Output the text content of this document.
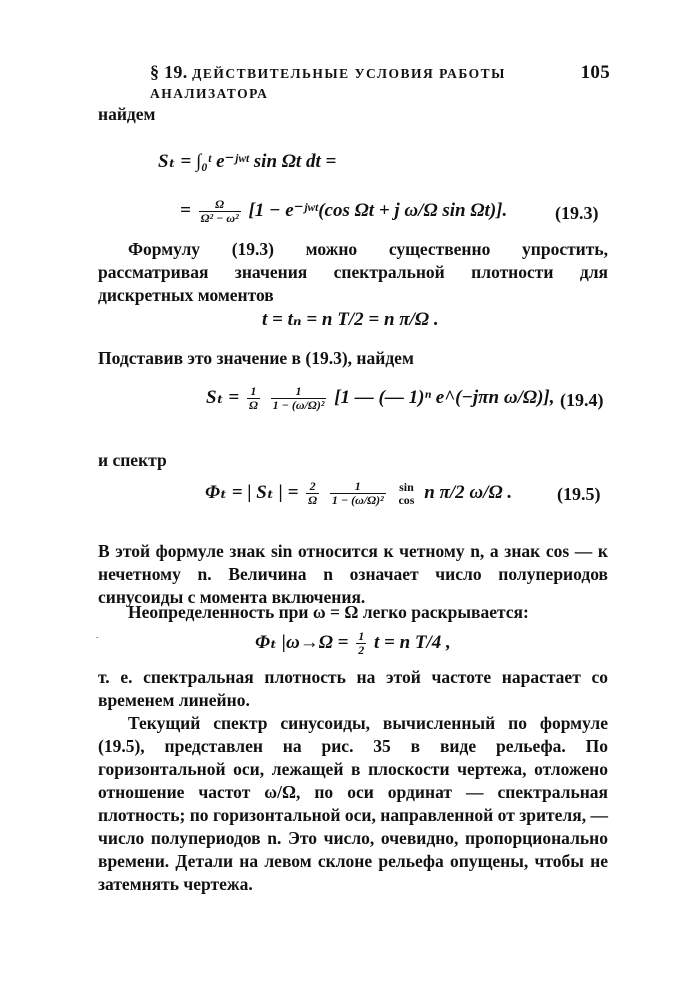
§ 19. ДЕЙСТВИТЕЛЬНЫЕ УСЛОВИЯ РАБОТЫ АНАЛИЗАТОРА
105
найдем
Sₜ = ∫₀ᵗ e⁻ʲʷᵗ sin Ωt dt =
= $\frac{\Omega}{\text{Ω² − ω²}} [1$ − e⁻ʲʷᵗ(cos Ωt + j ω/Ω sin Ωt)].	(19.3)
Формулу (19.3) можно существенно упростить, рассматривая значения спектральной плотности для дискретных моментов
t = tₙ = n T/2 = n π/Ω .
Подставив это значение в (19.3), найдем
$S_t = \frac{1}{\Omega}$
$\frac{1}{\text{1 − (ω/Ω)²}} [1$ — (— 1)ⁿ e^(−jπn ω/Ω)], (19.4)
и спектр
Φₜ = | Sₜ | = $\frac{2}{\Omega}$
$\frac{1}{\text{1 − (ω/Ω)²}}$
sin
cos n π/2 ω/Ω . (19.5)
В этой формуле знак sin относится к четному n, а знак cos — к нечетному n. Величина n означает число полупериодов синусоиды с момента включения.
Неопределенность при ω = Ω легко раскрывается:
.	Φₜ $|\omega\to\Omega = \frac{1}{2}$ t = n T/4 ,
т. е. спектральная плотность на этой частоте нарастает со временем линейно.
Текущий спектр синусоиды, вычисленный по формуле (19.5), представлен на рис. 35 в виде рельефа. По горизонтальной оси, лежащей в плоскости чертежа, отложено отношение частот ω/Ω, по оси ординат — спектральная плотность; по горизонтальной оси, направленной от зрителя, — число полупериодов n. Это число, очевидно, пропорционально времени. Детали на левом склоне рельефа опущены, чтобы не затемнять чертежа.
